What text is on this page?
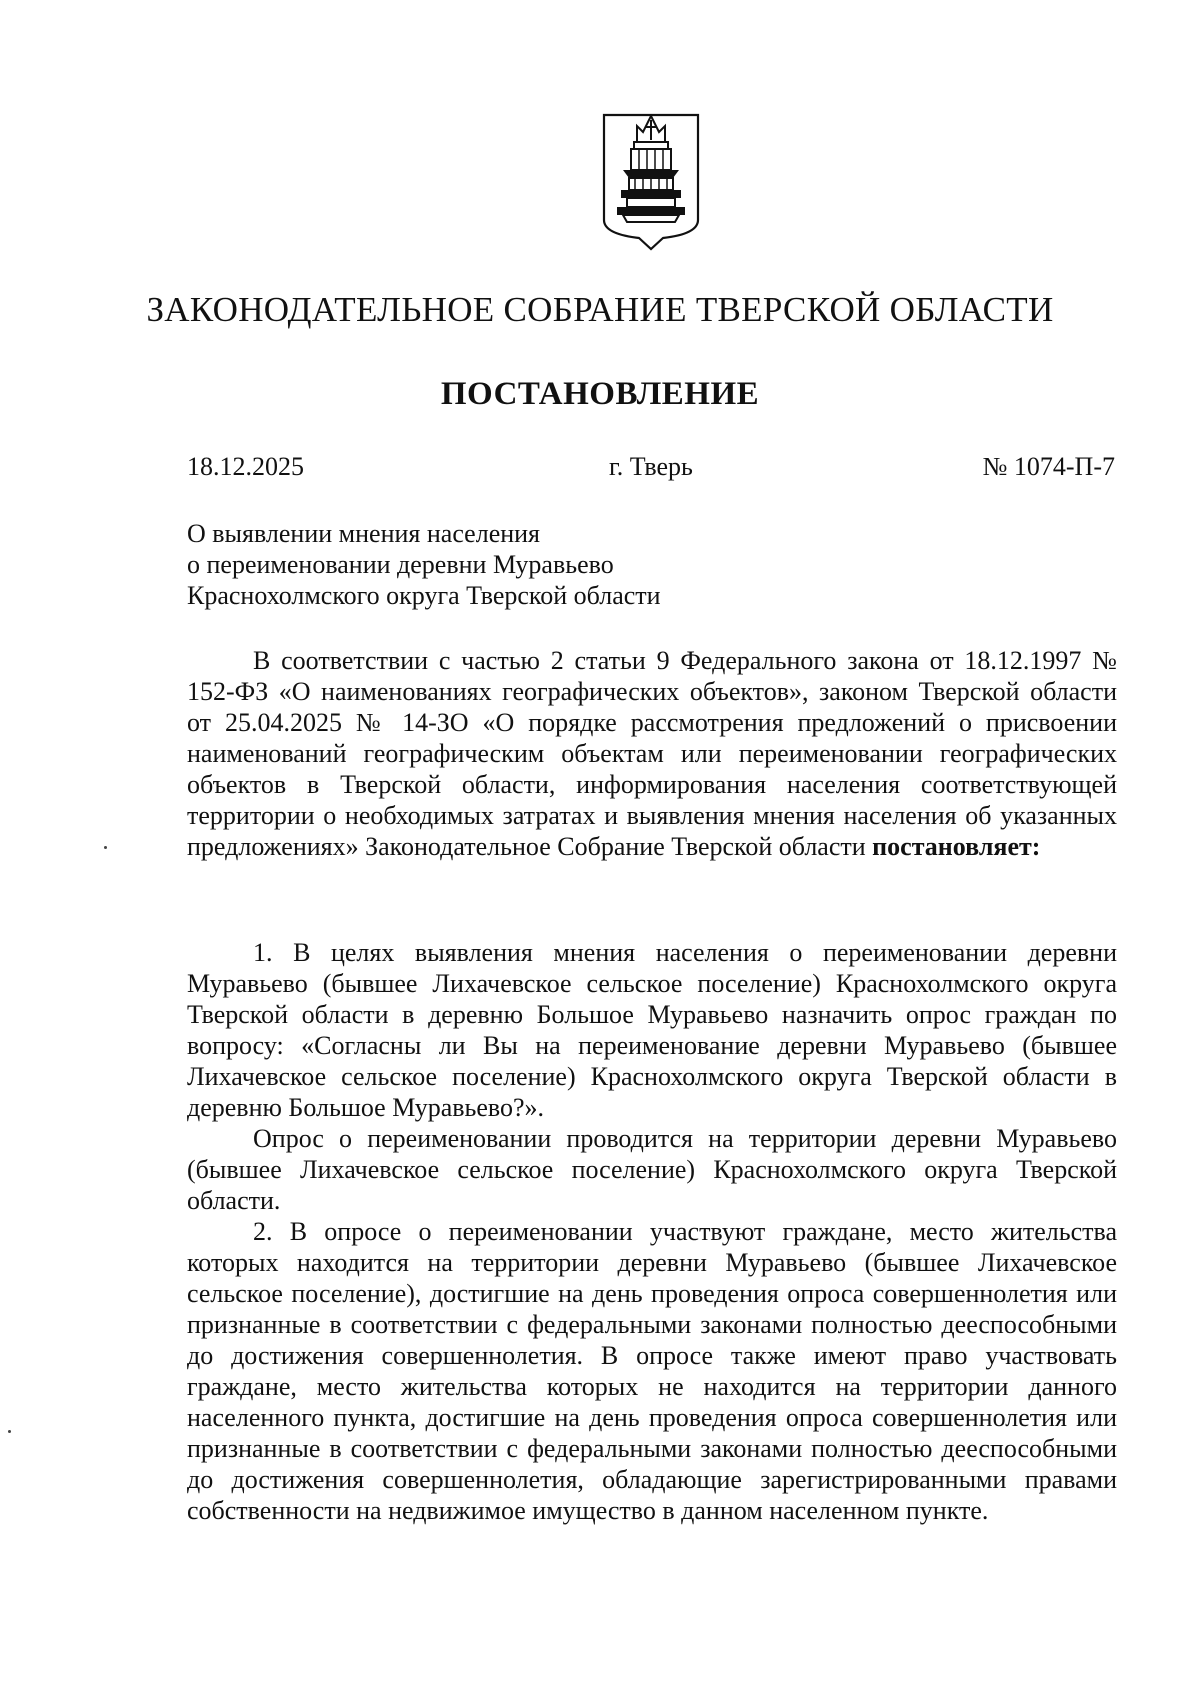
ЗАКОНОДАТЕЛЬНОЕ СОБРАНИЕ ТВЕРСКОЙ ОБЛАСТИ
ПОСТАНОВЛЕНИЕ
18.12.2025	г. Тверь	№ 1074-П-7
О выявлении мнения населения
о переименовании деревни Муравьево
Краснохолмского округа Тверской области

В соответствии с частью 2 статьи 9 Федерального закона от 18.12.1997 № 152-ФЗ «О наименованиях географических объектов», законом Тверской области от 25.04.2025 № 14-ЗО «О порядке рассмотрения предложений о присвоении наименований географическим объектам или переименовании географических объектов в Тверской области, информирования населения соответствующей территории о необходимых затратах и выявления мнения населения об указанных предложениях» Законодательное Собрание Тверской области постановляет:

1. В целях выявления мнения населения о переименовании деревни Муравьево (бывшее Лихачевское сельское поселение) Краснохолмского округа Тверской области в деревню Большое Муравьево назначить опрос граждан по вопросу: «Согласны ли Вы на переименование деревни Муравьево (бывшее Лихачевское сельское поселение) Краснохолмского округа Тверской области в деревню Большое Муравьево?».

Опрос о переименовании проводится на территории деревни Муравьево (бывшее Лихачевское сельское поселение) Краснохолмского округа Тверской области.

2. В опросе о переименовании участвуют граждане, место жительства которых находится на территории деревни Муравьево (бывшее Лихачевское сельское поселение), достигшие на день проведения опроса совершеннолетия или признанные в соответствии с федеральными законами полностью дееспособными до достижения совершеннолетия. В опросе также имеют право участвовать граждане, место жительства которых не находится на территории данного населенного пункта, достигшие на день проведения опроса совершеннолетия или признанные в соответствии с федеральными законами полностью дееспособными до достижения совершеннолетия, обладающие зарегистрированными правами собственности на недвижимое имущество в данном населенном пункте.
